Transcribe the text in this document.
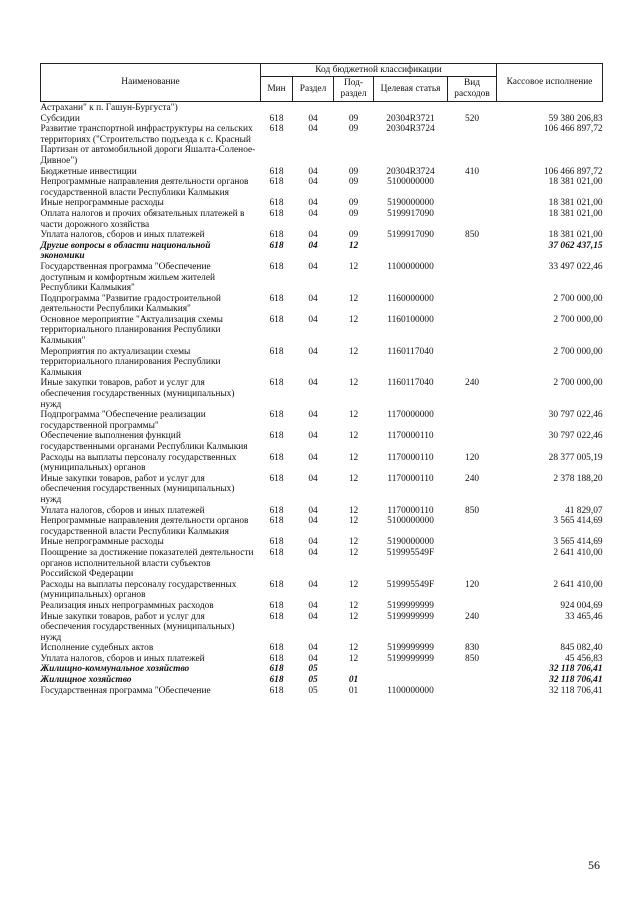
Наименование	Код бюджетной классификации					Кассовое исполнение
	Мин	Раздел	Под-раздел	Целевая статья	Вид расходов	
Астрахани" к п. Гашун-Бургуста")						
Субсидии	618	04	09	20304R3721	520	59 380 206,83
Развитие транспортной инфраструктуры на сельских территориях ("Строительство подъезда к с. Красный Партизан от автомобильной дороги Яшалта-Соленое-Дивное")	618	04	09	20304R3724		106 466 897,72
Бюджетные инвестиции	618	04	09	20304R3724	410	106 466 897,72
Непрограммные направления деятельности органов государственной власти Республики Калмыкия	618	04	09	5100000000		18 381 021,00
Иные непрограммные расходы	618	04	09	5190000000		18 381 021,00
Оплата налогов и прочих обязательных платежей в части дорожного хозяйства	618	04	09	5199917090		18 381 021,00
Уплата налогов, сборов и иных платежей	618	04	09	5199917090	850	18 381 021,00
Другие вопросы в области национальной экономики	618	04	12			37 062 437,15
Государственная программа "Обеспечение доступным и комфортным жильем жителей Республики Калмыкия"	618	04	12	1100000000		33 497 022,46
Подпрограмма "Развитие градостроительной деятельности Республики Калмыкия"	618	04	12	1160000000		2 700 000,00
Основное мероприятие "Актуализация схемы территориального планирования Республики Калмыкия"	618	04	12	1160100000		2 700 000,00
Мероприятия по актуализации схемы территориального планирования Республики Калмыкия	618	04	12	1160117040		2 700 000,00
Иные закупки товаров, работ и услуг для обеспечения государственных (муниципальных) нужд	618	04	12	1160117040	240	2 700 000,00
Подпрограмма "Обеспечение реализации государственной программы"	618	04	12	1170000000		30 797 022,46
Обеспечение выполнения функций государственными органами Республики Калмыкия	618	04	12	1170000110		30 797 022,46
Расходы на выплаты персоналу государственных (муниципальных) органов	618	04	12	1170000110	120	28 377 005,19
Иные закупки товаров, работ и услуг для обеспечения государственных (муниципальных) нужд	618	04	12	1170000110	240	2 378 188,20
Уплата налогов, сборов и иных платежей	618	04	12	1170000110	850	41 829,07
Непрограммные направления деятельности органов государственной власти Республики Калмыкия	618	04	12	5100000000		3 565 414,69
Иные непрограммные расходы	618	04	12	5190000000		3 565 414,69
Поощрение за достижение показателей деятельности органов исполнительной власти субъектов Российской Федерации	618	04	12	519995549F		2 641 410,00
Расходы на выплаты персоналу государственных (муниципальных) органов	618	04	12	519995549F	120	2 641 410,00
Реализация иных непрограммных расходов	618	04	12	5199999999		924 004,69
Иные закупки товаров, работ и услуг для обеспечения государственных (муниципальных) нужд	618	04	12	5199999999	240	33 465,46
Исполнение судебных актов	618	04	12	5199999999	830	845 082,40
Уплата налогов, сборов и иных платежей	618	04	12	5199999999	850	45 456,83
Жилищно-коммунальное хозяйство	618	05				32 118 706,41
Жилищное хозяйство	618	05	01			32 118 706,41
Государственная программа "Обеспечение	618	05	01	1100000000		32 118 706,41
56
